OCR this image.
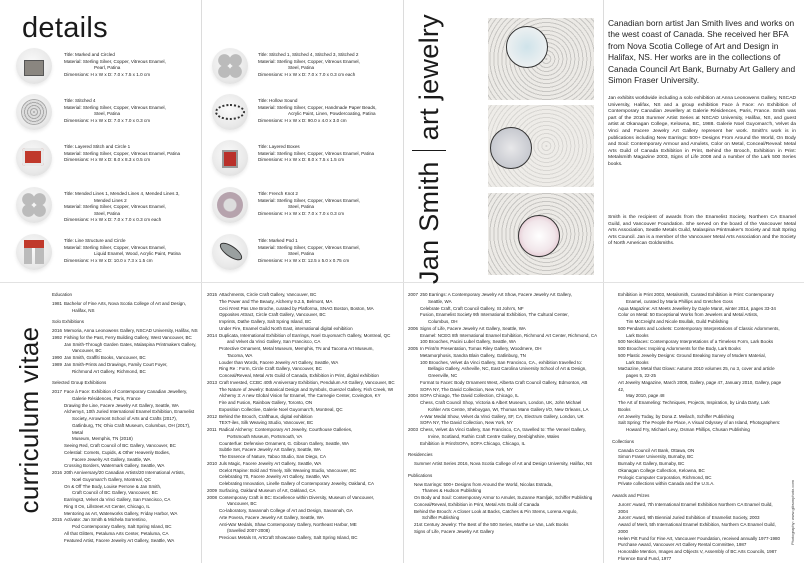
details
Title: Marked and Circled
Material: Sterling Silver, Copper, Vitreous Enamel,
Pearl, Patina
Dimensions: H x W x D: 7.0 x 7.5 x 1.0 cm
Title: Stitched 4
Material: Sterling Silver, Copper, Vitreous Enamel,
Steel, Patina
Dimensions: H x W x D: 7.0 x 7.0 x 0.3 cm
Title: Layered Stitch and Circle 1
Material: Sterling Silver, Copper, Vitreous Enamel, Patina
Dimensions: H x W x D: 8.0 x 8.3 x 0.5 cm
Title: Mended Lines 1, Mended Lines 4, Mended Lines 3,
Mended Lines 2
Material: Sterling Silver, Copper, Vitreous Enamel,
Steel, Patina
Dimensions: H x W x D: 7.0 x 7.0 x 0.3 cm each
Title: Line Structure and Circle
Material: Sterling Silver, Copper, Vitreous Enamel,
Liquid Enamel, Wood, Acrylic Paint, Patina
Dimensions: H x W x D: 10.0 x 7.3 x 1.5 cm
Title: Stitched 1, Stitched 4, Stitched 3, Stitched 2
Material: Sterling Silver, Copper, Vitreous Enamel,
Steel, Patina
Dimensions: H x W x D: 7.0 x 7.0 x 0.3 cm each
Title: Hollow Sound
Material: Sterling Silver, Copper, Handmade Paper Beads,
Acrylic Paint, Linen, Powdercoating, Patina
Dimensions: H x W x D: 90.0 x 4.0 x 3.0 cm
Title: Layered Boxes
Material: Sterling Silver, Copper, Vitreous Enamel, Patina
Dimensions: H x W x D: 8.0 x 7.5 x 1.5 cm
Title: French Knot 2
Material: Sterling Silver, Copper, Vitreous Enamel,
Steel, Patina
Dimensions: H x W x D: 7.0 x 7.0 x 0.3 cm
Title: Marked Pod 1
Material: Sterling Silver, Copper, Vitreous Enamel,
Steel, Patina
Dimensions: H x W x D: 12.5 x 5.0 x 0.75 cm	Jan Smith
art jewelry	Canadian born artist Jan Smith lives and works on the west coast of Canada. She received her BFA from Nova Scotia College of Art and Design in Halifax, NS. Her works are in the collections of Canada Council Art Bank, Burnaby Art Gallery and Simon Fraser University.
Jan exhibits worldwide including a solo exhibition at Anna Leonowens Gallery, NSCAD University, Halifax, NS and a group exhibition Face à Face: An Exhibition of Contemporary Canadian Jewellery at Galerie Résidences, Paris, France. Smith was part of the 2016 Summer Artist Series at NSCAD University, Halifax, NS, and guest artist at Okanagan College, Kelowna, BC, 1988. Galerie Noel Guyomarc'h, Velvet da Vinci and Facere Jewelry Art Gallery represent her work. Smith's work is in publications including New Earrings: 500+ Designs From Around the World, On Body and Soul: Contemporary Armour and Amulets, Color on Metal, Conceal/Reveal: Metal Arts Guild of Canada Exhibition in Print, Behind the Brooch, Exhibition in Print: Metalsmith Magazine 2003, Signs of Life 2008 and a number of the Lark 500 Series books.
Smith is the recipient of awards from the Enamelist Society, Northern CA Enamel Guild, and Vancouver Foundation. She served on the board of the Vancouver Metal Arts Association, Seattle Metals Guild, Malaspina Printmaker's Society and Salt Spring Arts Council. Jan is a member of the Vancouver Metal Arts Association and the Society of North American Goldsmiths.
curriculum vitae
Education
1981 Bachelor of Fine Arts, Nova Scotia College of Art and Design,
Halifax, NS
Solo Exhibitions
2016 Memoria, Anna Leonowens Gallery, NSCAD University, Halifax, NS
1992 Fishing for the Past, Ferry Building Gallery, West Vancouver, BC
Jan Smith-Through Garden Gates, Malaspina Printmakers Gallery,
Vancouver, BC
1990 Jan Smith, Graffiti Books, Vancouver, BC
1989 Jan Smith-Prints and Drawings, Family Court Foyer,
Richmond Art Gallery, Richmond, BC
Selected Group Exhibitions
2017 Face à Face: Exhibition of Contemporary Canadian Jewellery,
Galerie Résidences, Paris, France
Drawing the Line, Facere Jewelry Art Gallery, Seattle, WA
Alchemy4, 10th Juried International Enamel Exhibition, Enamelist
Society, Arrowmont School of Arts and Crafts (2017),
Gatlinburg, TN; Ohio Craft Museum, Columbus, OH (2017), Metal
Museum, Memphis, TN (2018)
Seeing Red, Craft Council of BC Gallery, Vancouver, BC
Celestial: Comets, Cupids, & Other Heavenly Bodies,
Facere Jewelry Art Gallery, Seattle, WA
Crossing Borders, Watermark Gallery, Seattle, WA
2016 20th Anniversary/20 Canadian Artists/20 International Artists,
Noel Guyomarc'h Gallery, Montreal, QC
On & Off The Body, Louise Perrone & Jan Smith,
Craft Council of BC Gallery, Vancouver, BC
Earrings3, Velvet da Vinci Gallery, San Francisco, CA
Ring It On, Lillstreet Art Center, Chicago, IL
Mentoring as Art, Waterworks Gallery, Friday Harbor, WA
2015 Activate: Jan Smith & Michela Sorrentino,
Pod Contemporary Gallery, Salt Spring Island, BC
All that Glitters, Petaluma Arts Center, Petaluma, CA
Featured Artist, Facere Jewelry Art Gallery, Seattle, WA
2015 Attachments, Circle Craft Gallery, Vancouver, BC
The Power and The Beauty, Alchemy 9.2.5, Belmont, MA
Ceci N'est Pas Une Broche, curated by Platforma, SNAG Boston, Boston, MA
Opposites Attract, Circle Craft Gallery, Vancouver, BC
Imprints, Dathe Gallery, Salt Spring Island, BC
Under Fire, Enamel Guild North East, international digital exhibition
2014 Duplicata, International Exhibition of Earrings, Noel Guyomarc'h Gallery, Montreal, QC
and Velvet da Vinci Gallery, San Francisco, CA
Protective Ornament, Metal Museum, Memphis, TN and Tacoma Art Museum,
Tacoma, WA
Louder than Words, Facere Jewelry Art Gallery, Seattle, WA
Ring Re : Form, Circle Craft Gallery, Vancouver, BC
Conceal/Reveal, Metal Arts Guild of Canada, Exhibition in Print, digital exhibition
2013 Craft Invested, CCBC 40th Anniversary Exhibition, Pendulum Art Gallery, Vancouver, BC
The Nature of Jewelry: Botanical Design and Symbols, Guenzel Gallery, Fish Creek, WI
Alchemy 3: A new Global Vision for Enamel, The Carnegie Center, Covington, KY
Fire and Fusion, Rainbow Gallery, Toronto, ON
Exposition Collective, Galerie Noel Guyomarc'h, Montreal, QC
2012 Behind the Brooch, Crafthaus, digital exhibition
TEXT-iles, Silk Weaving Studio, Vancouver, BC
2011 Radical Alchemy: Contemporary Art Jewelry, Courthouse Galleries,
Portsmouth Museum, Portsmouth, VA
Counterfue: Defensive Ornament, G. Gibson Gallery, Seattle, WA
Subtle Set, Facere Jewelry Art Gallery, Seattle, WA
The Essence of Nature, Taboo Studio, San Diego, CA
2010 Juls Magic, Facere Jewelry Art Gallery, Seattle, WA
Ocelot Rapine: Bold and Timely, Silk Weaving Studio, Vancouver, BC
Celebrating 70, Facere Jewelry Art Gallery, Seattle, WA
Celebrating Innovation, Linelle Gallery of Contemporary Jewelry, Oakland, CA
2009 Surfacing, Oakland Museum of Art, Oakland, CA
2008 Contemporary Craft in BC: Excellence within Diversity, Museum of Vancouver,
Vancouver, BC
Co-laboratory, Savannah College of Art and Design, Savannah, GA
Arte Povera, Facere Jewelry Art Gallery, Seattle, WA
Anti-War Medals, Shaw Contemporary Gallery, Northeast Harbor, ME
(travelled 2007-2008)
Precious Metals III, ArtCraft Showcase Gallery, Salt Spring Island, BC
2007 250 Earrings: A Contemporary Jewelry Art Show, Facere Jewelry Art Gallery,
Seattle, WA
Celebrate Craft, Craft Council Gallery, St John's, NF
Fusion, Enamelist Society 9th International Exhibition, The Cultural Center,
Columbus, OH
2006 Signs of Life, Facere Jewelry Art Gallery, Seattle, WA
Enamel: NCEG 8th International Enamel Exhibition, Richmond Art Center, Richmond, CA
100 Brooches, Pacini Lubel Gallery, Seattle, WA
2005 In Print/In Presentation, Tomas Riley Gallery, Woodmere, OH
Metamorphosis, Sandra Blain Gallery, Gatlinburg, TN
100 Brooches, Velvet da Vinci Gallery, San Francisco, CA., exhibition travelled to:
Bellagio Gallery, Asheville, NC, East Carolina University School of Art & Design,
Greenville, NC
Format to Facet: Body Ornament West, Alberta Craft Council Gallery, Edmonton, AB
SOFA NY, The David Collection, New York, NY
2004 SOFA Chicago, The David Collection, Chicago, IL
Chess, Craft Council Shop, Victoria & Albert Museum, London, UK, John Michael
Kohler Arts Centre, Sheboygan, WI, Thomas Mann Gallery I/O, New Orleans, LA
A-War Medal Show, Velvet da Vinci Gallery, SF, CA, Electrum Gallery, London, UK
SOFA NY, The David Collection, New York, NY
2003 Chess, Velvet da Vinci Gallery, San Francisco, CA, travelled to: The Vennel Gallery,
Irvine, Scotland, Ruthin Craft Centre Gallery, Denbighshire, Wales
Exhibition in Print/SOFA, SOFA Chicago, Chicago, IL
Residencies
Summer Artist Series 2016, Nova Scotia College of Art and Design University, Halifax, NS
Publications
New Earrings: 500+ Designs from Around the World, Nicolas Estrada,
Thames & Hudson Publishing
On Body and Soul: Contemporary Armor to Amulet, Suzanne Ramljak, Schiffer Publishing
Conceal/Reveal, Exhibition in Print, Metal Arts Guild of Canada
Behind the Brooch: A Closer Look at Backs, Catches & Pin Stems, Lorena Angulo,
Schiffer Publishing
21st Century Jewelry: The Best of the 500 Series, Marthe Le Van, Lark Books
Signs of Life, Facere Jewelry Art Gallery
Exhibition in Print 2003, Metalsmith, Curated Exhibition in Print: Contemporary
Enamel, curated by Maria Phillips and Gretchen Goss
Aqua Magazine: Art Meets Jewellery by Gayle Marot, winter 2014, pages 33-34
Color on Metal: 50 Exceptional Works from Jewelers and Metal Artists,
Tim McCreight and Nicole Bsullak, Guild Publishing
500 Pendants and Lockets: Contemporary Interpretations of Classic Adornments,
Lark Books
500 Necklaces: Contemporary Interpretations of a Timeless Form, Lark Books
500 Brooches: Inspiring Adornments for the Body, Lark Books
500 Plastic Jewelry Designs: Ground Breaking Survey of Modern Material,
Lark Books
MaGazine, Metal that Glows: Autumn 2010 volumes 25, no 3, cover and article
pages 5, 22-25
Art Jewelry Magazine, March 2008, Gallery, page 47, January 2010, Gallery, page 42,
May 2010, page 48
The Art of Enameling: Techniques, Projects, Inspiration, by Linda Darty, Lark Books
Art Jewelry Today, by Dona Z. Meilach, Schiffer Publishing
Salt Spring: The People the Place, A Visual Odyssey of an Island, Photographers:
Howard Fry, Michael Levy, Osman Phillips, Chusan Publishing
Collections
Canada Council Art Bank, Ottawa, ON
Simon Fraser University, Burnaby, BC
Burnaby Art Gallery, Burnaby, BC
Okanagan College Collection, Kelowna, BC
Prologic Computer Corporation, Richmond, BC
Private collections within Canada and the U.S.A.
Awards and Prizes
Jurors' Award, 7th International Enamel Exhibition Northern CA Enamel Guild, 2004
Jurors' Award, 9th Biennial Juried Exhibition of Enamelist Society, 2003
Award of Merit, 5th International Enamel Exhibition, Northern CA Enamel Guild, 2000
Helen Pitt Fund for Fine Art, Vancouver Foundation, received annually 1977-1980
Purchase Award, Vancouver Art Gallery Rental Committee, 1987
Honorable Mention, Images and Objects V, Assembly of BC Arts Councils, 1987
Florence Bond Fund, 1977
Photography: www.gibsonphoto.com
